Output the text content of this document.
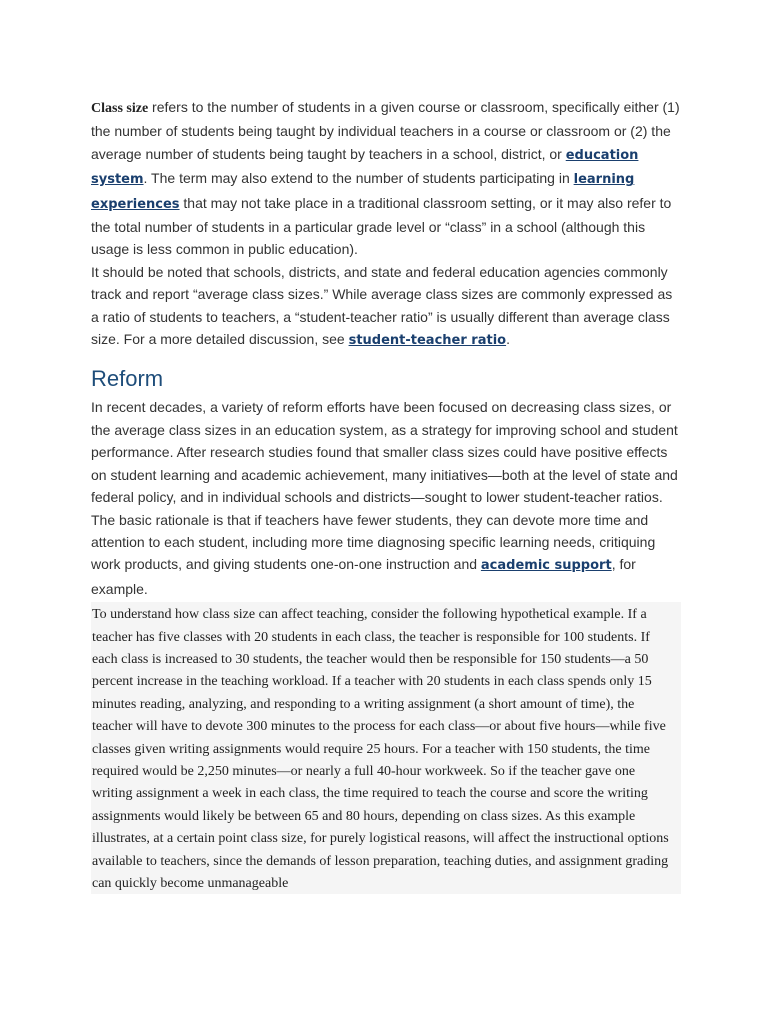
Class size refers to the number of students in a given course or classroom, specifically either (1) the number of students being taught by individual teachers in a course or classroom or (2) the average number of students being taught by teachers in a school, district, or education system. The term may also extend to the number of students participating in learning experiences that may not take place in a traditional classroom setting, or it may also refer to the total number of students in a particular grade level or “class” in a school (although this usage is less common in public education).

It should be noted that schools, districts, and state and federal education agencies commonly track and report “average class sizes.” While average class sizes are commonly expressed as a ratio of students to teachers, a “student-teacher ratio” is usually different than average class size. For a more detailed discussion, see student-teacher ratio.

Reform

In recent decades, a variety of reform efforts have been focused on decreasing class sizes, or the average class sizes in an education system, as a strategy for improving school and student performance. After research studies found that smaller class sizes could have positive effects on student learning and academic achievement, many initiatives—both at the level of state and federal policy, and in individual schools and districts—sought to lower student-teacher ratios. The basic rationale is that if teachers have fewer students, they can devote more time and attention to each student, including more time diagnosing specific learning needs, critiquing work products, and giving students one-on-one instruction and academic support, for example.

To understand how class size can affect teaching, consider the following hypothetical example. If a teacher has five classes with 20 students in each class, the teacher is responsible for 100 students. If each class is increased to 30 students, the teacher would then be responsible for 150 students—a 50 percent increase in the teaching workload. If a teacher with 20 students in each class spends only 15 minutes reading, analyzing, and responding to a writing assignment (a short amount of time), the teacher will have to devote 300 minutes to the process for each class—or about five hours—while five classes given writing assignments would require 25 hours. For a teacher with 150 students, the time required would be 2,250 minutes—or nearly a full 40-hour workweek. So if the teacher gave one writing assignment a week in each class, the time required to teach the course and score the writing assignments would likely be between 65 and 80 hours, depending on class sizes. As this example illustrates, at a certain point class size, for purely logistical reasons, will affect the instructional options available to teachers, since the demands of lesson preparation, teaching duties, and assignment grading can quickly become unmanageable
